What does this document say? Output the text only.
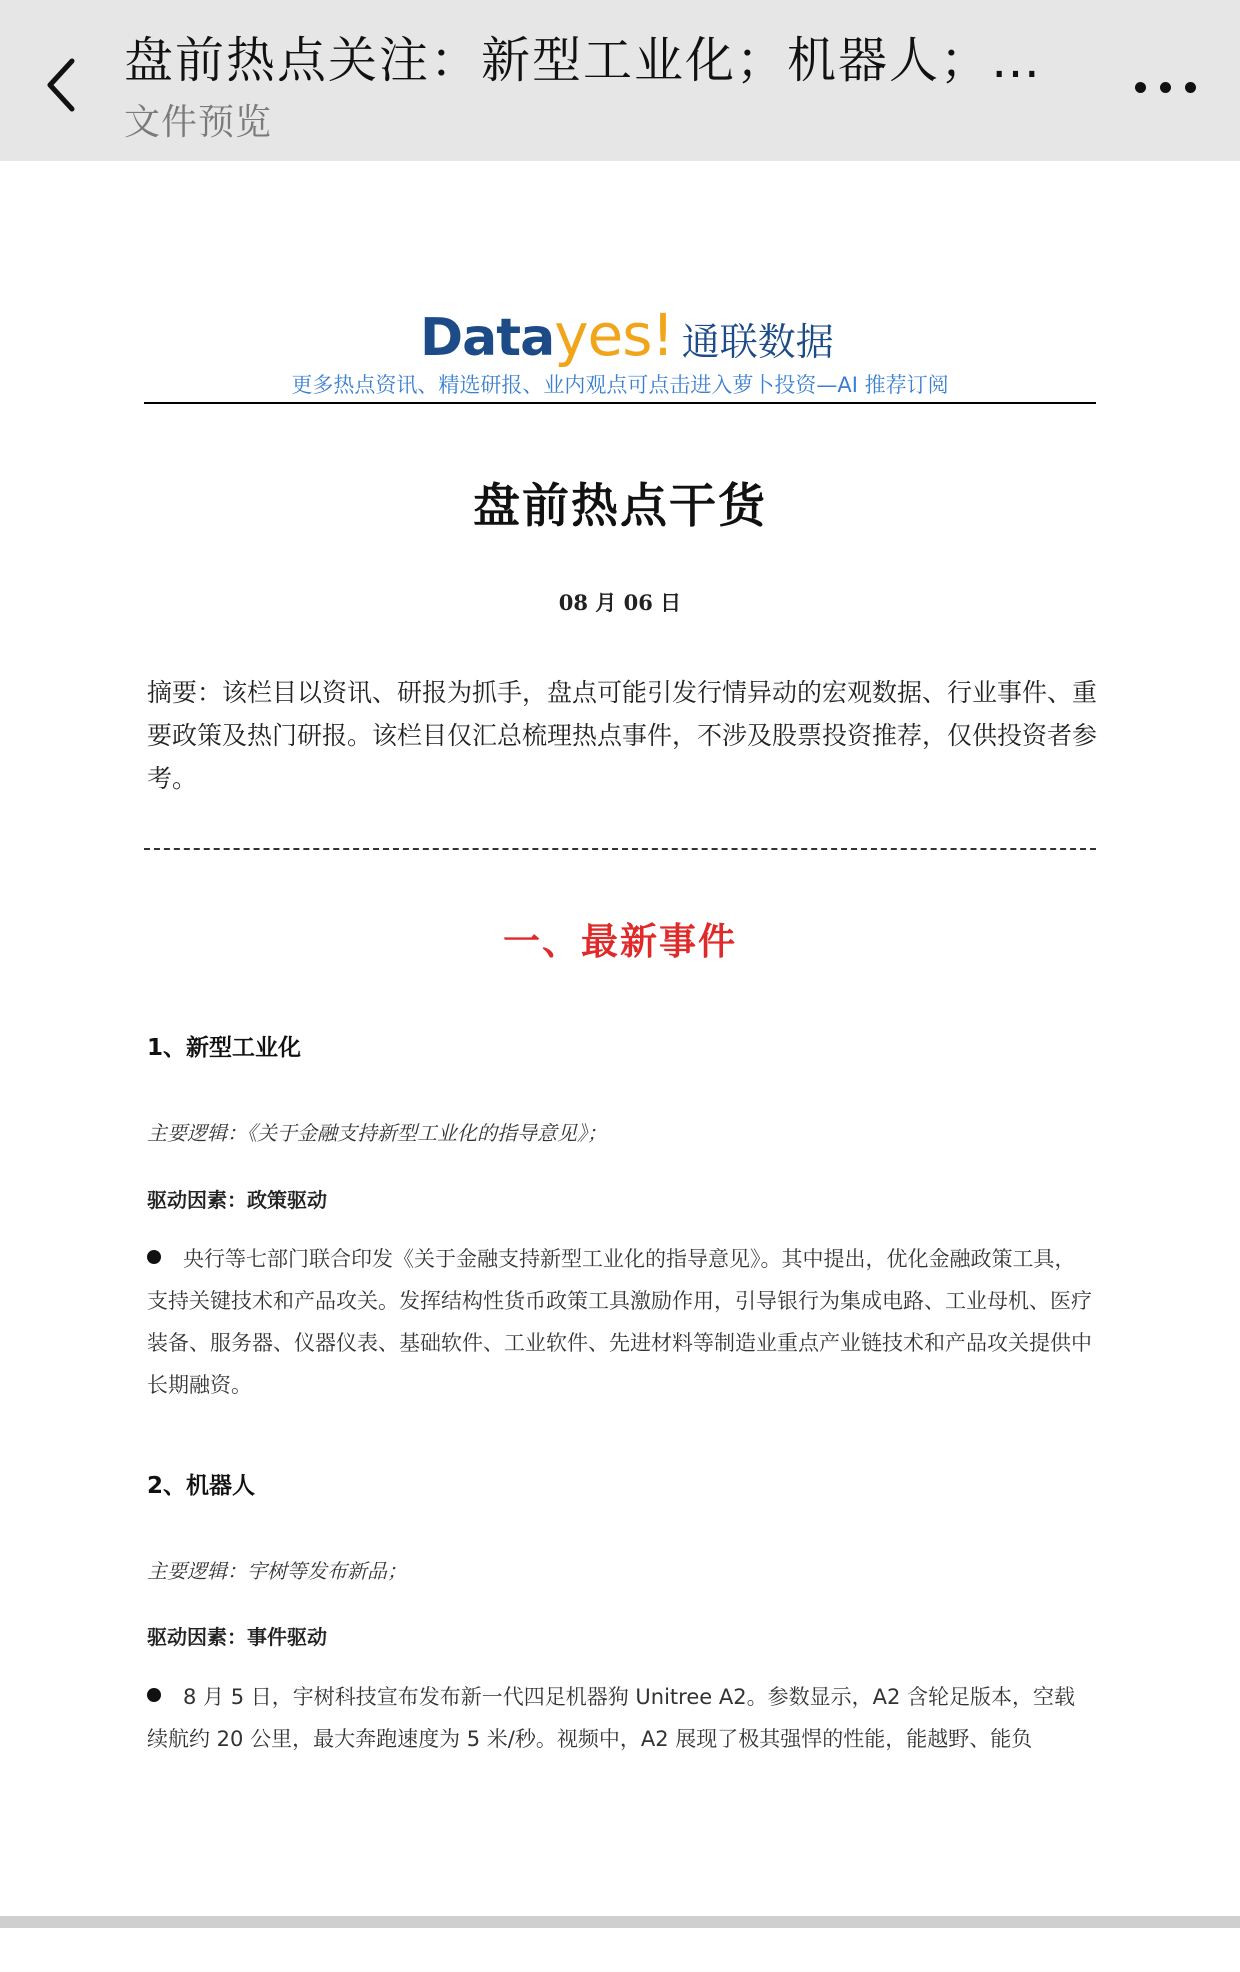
盘前热点关注：新型工业化；机器人；…
文件预览
Data yes! 通联数据
更多热点资讯、精选研报、业内观点可点击进入萝卜投资—AI 推荐订阅
盘前热点干货
08 月 06 日
摘要：该栏目以资讯、研报为抓手，盘点可能引发行情异动的宏观数据、行业事件、重要政策及热门研报。该栏目仅汇总梳理热点事件，不涉及股票投资推荐，仅供投资者参考。
一、最新事件
1、新型工业化
主要逻辑：《关于金融支持新型工业化的指导意见》；
驱动因素：政策驱动
央行等七部门联合印发《关于金融支持新型工业化的指导意见》。其中提出，优化金融政策工具，支持关键技术和产品攻关。发挥结构性货币政策工具激励作用，引导银行为集成电路、工业母机、医疗装备、服务器、仪器仪表、基础软件、工业软件、先进材料等制造业重点产业链技术和产品攻关提供中长期融资。
2、机器人
主要逻辑：宇树等发布新品；
驱动因素：事件驱动
8 月 5 日，宇树科技宣布发布新一代四足机器狗 Unitree A2。参数显示，A2 含轮足版本，空载续航约 20 公里，最大奔跑速度为 5 米/秒。视频中，A2 展现了极其强悍的性能，能越野、能负
